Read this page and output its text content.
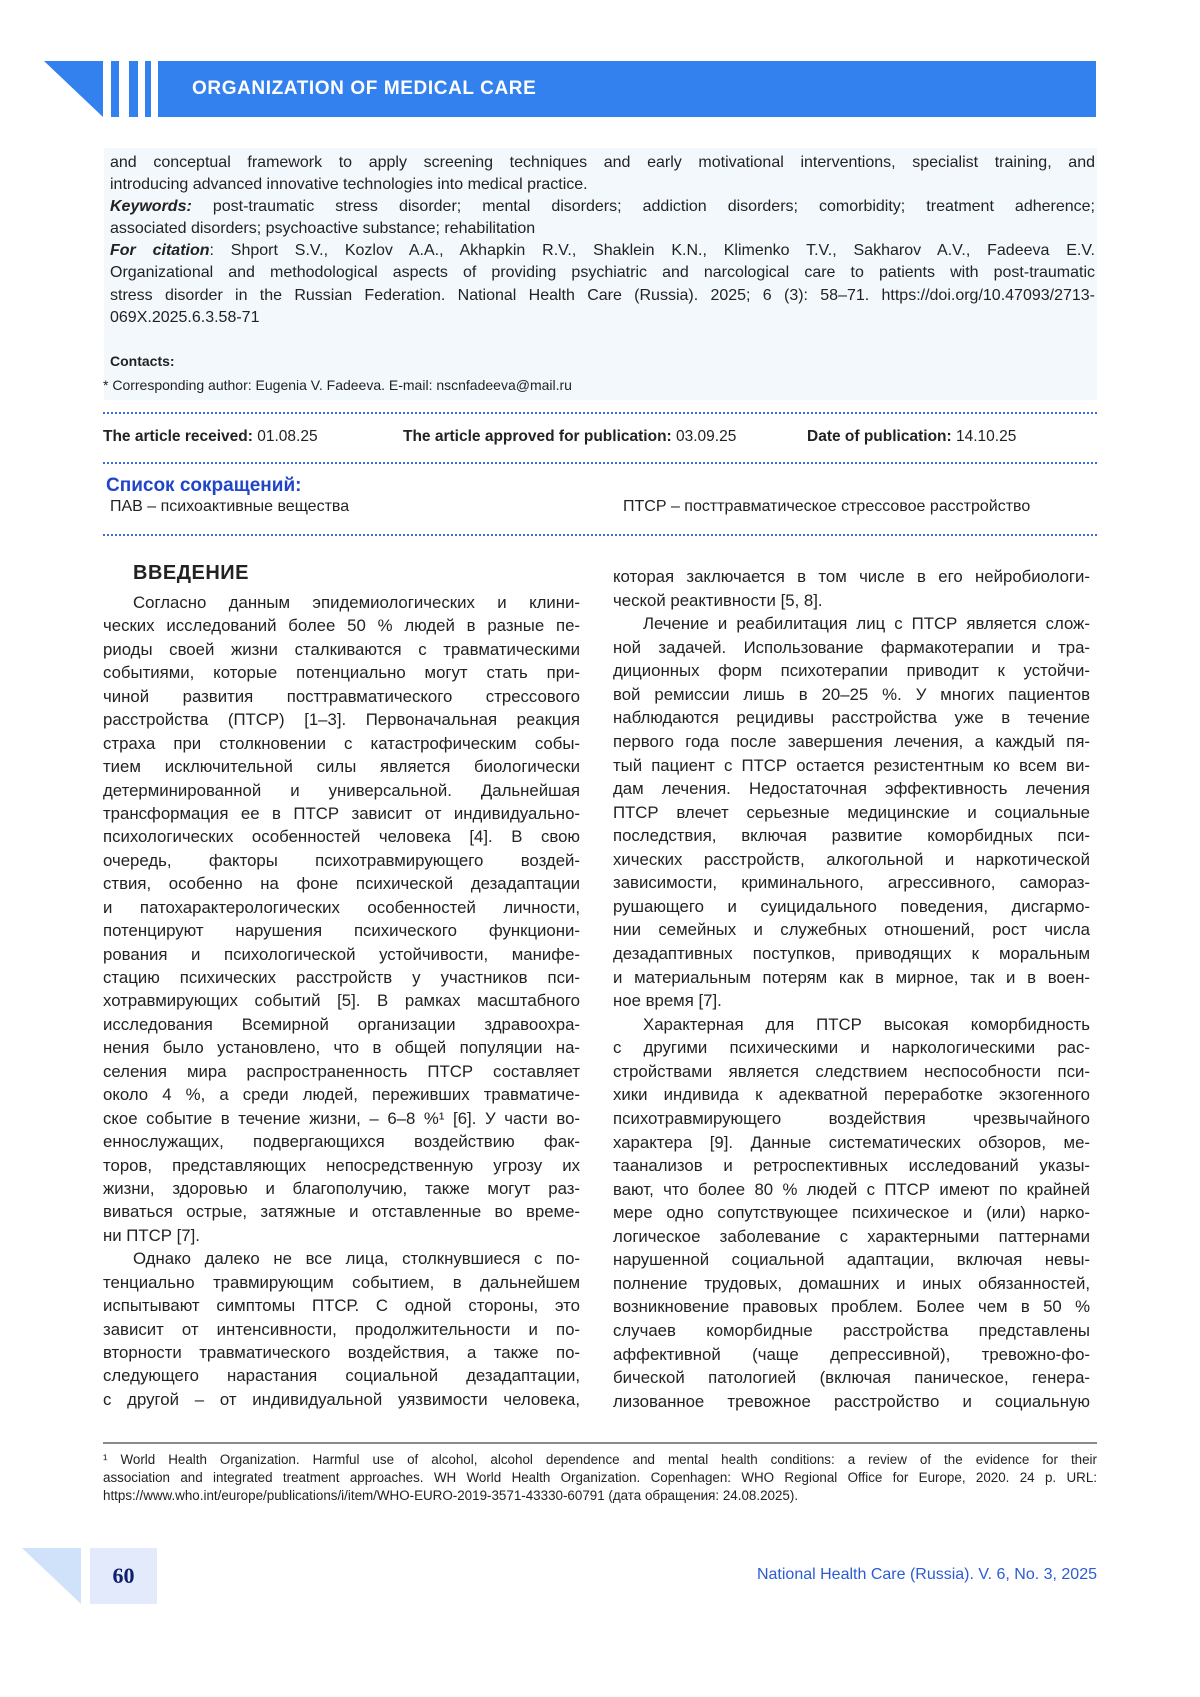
ORGANIZATION OF MEDICAL CARE
and conceptual framework to apply screening techniques and early motivational interventions, specialist training, and
introducing advanced innovative technologies into medical practice.
Keywords: post-traumatic stress disorder; mental disorders; addiction disorders; comorbidity; treatment adherence;
associated disorders; psychoactive substance; rehabilitation
For citation: Shport S.V., Kozlov A.A., Akhapkin R.V., Shaklein K.N., Klimenko T.V., Sakharov A.V., Fadeeva E.V.
Organizational and methodological aspects of providing psychiatric and narcological care to patients with post-traumatic
stress disorder in the Russian Federation. National Health Care (Russia). 2025; 6 (3): 58–71. https://doi.org/10.47093/2713-
069X.2025.6.3.58-71
Contacts:
* Corresponding author: Eugenia V. Fadeeva. E-mail: nscnfadeeva@mail.ru
The article received: 01.08.25	The article approved for publication: 03.09.25	Date of publication: 14.10.25
Список сокращений:
ПАВ – психоактивные вещества	ПТСР – посттравматическое стрессовое расстройство
ВВЕДЕНИЕ
Согласно данным эпидемиологических и клини-
ческих исследований более 50 % людей в разные пе-
риоды своей жизни сталкиваются с травматическими
событиями, которые потенциально могут стать при-
чиной развития посттравматического стрессового
расстройства (ПТСР) [1–3]. Первоначальная реакция
страха при столкновении с катастрофическим собы-
тием исключительной силы является биологически
детерминированной и универсальной. Дальнейшая
трансформация ее в ПТСР зависит от индивидуально-
психологических особенностей человека [4]. В свою
очередь, факторы психотравмирующего воздей-
ствия, особенно на фоне психической дезадаптации
и патохарактерологических особенностей личности,
потенцируют нарушения психического функциони-
рования и психологической устойчивости, манифе-
стацию психических расстройств у участников пси-
хотравмирующих событий [5]. В рамках масштабного
исследования Всемирной организации здравоохра-
нения было установлено, что в общей популяции на-
селения мира распространенность ПТСР составляет
около 4 %, а среди людей, переживших травматиче-
ское событие в течение жизни, – 6–8 %¹ [6]. У части во-
еннослужащих, подвергающихся воздействию фак-
торов, представляющих непосредственную угрозу их
жизни, здоровью и благополучию, также могут раз-
виваться острые, затяжные и отставленные во време-
ни ПТСР [7].
Однако далеко не все лица, столкнувшиеся с по-
тенциально травмирующим событием, в дальнейшем
испытывают симптомы ПТСР. С одной стороны, это
зависит от интенсивности, продолжительности и по-
вторности травматического воздействия, а также по-
следующего нарастания социальной дезадаптации,
с другой – от индивидуальной уязвимости человека,
которая заключается в том числе в его нейробиологи-
ческой реактивности [5, 8].
Лечение и реабилитация лиц с ПТСР является слож-
ной задачей. Использование фармакотерапии и тра-
диционных форм психотерапии приводит к устойчи-
вой ремиссии лишь в 20–25 %. У многих пациентов
наблюдаются рецидивы расстройства уже в течение
первого года после завершения лечения, а каждый пя-
тый пациент с ПТСР остается резистентным ко всем ви-
дам лечения. Недостаточная эффективность лечения
ПТСР влечет серьезные медицинские и социальные
последствия, включая развитие коморбидных пси-
хических расстройств, алкогольной и наркотической
зависимости, криминального, агрессивного, самораз-
рушающего и суицидального поведения, дисгармо-
нии семейных и служебных отношений, рост числа
дезадаптивных поступков, приводящих к моральным
и материальным потерям как в мирное, так и в воен-
ное время [7].
Характерная для ПТСР высокая коморбидность
с другими психическими и наркологическими рас-
стройствами является следствием неспособности пси-
хики индивида к адекватной переработке экзогенного
психотравмирующего воздействия чрезвычайного
характера [9]. Данные систематических обзоров, ме-
таанализов и ретроспективных исследований указы-
вают, что более 80 % людей с ПТСР имеют по крайней
мере одно сопутствующее психическое и (или) нарко-
логическое заболевание с характерными паттернами
нарушенной социальной адаптации, включая невы-
полнение трудовых, домашних и иных обязанностей,
возникновение правовых проблем. Более чем в 50 %
случаев коморбидные расстройства представлены
аффективной (чаще депрессивной), тревожно-фо-
бической патологией (включая паническое, генера-
лизованное тревожное расстройство и социальную
¹ World Health Organization. Harmful use of alcohol, alcohol dependence and mental health conditions: a review of the evidence for their
association and integrated treatment approaches. WH World Health Organization. Copenhagen: WHO Regional Office for Europe, 2020. 24 p. URL:
https://www.who.int/europe/publications/i/item/WHO-EURO-2019-3571-43330-60791 (дата обращения: 24.08.2025).
60	National Health Care (Russia). V. 6, No. 3, 2025
